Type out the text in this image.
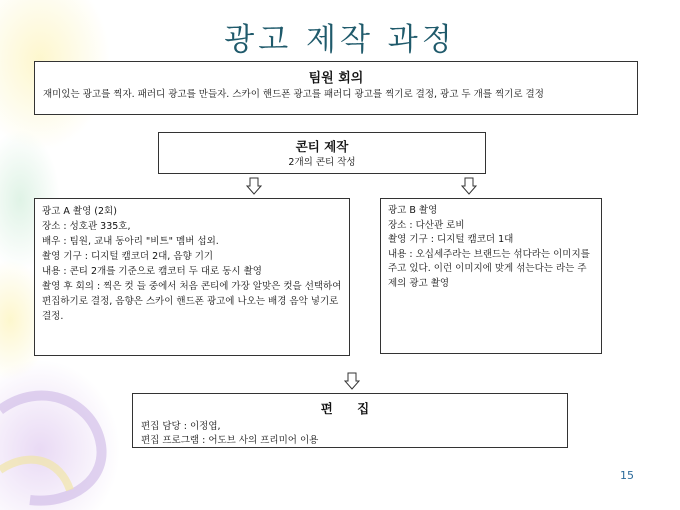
광고 제작 과정
팀원 회의
재미있는 광고를 찍자. 패러디 광고를 만들자. 스카이 핸드폰 광고를 패러디 광고를 찍기로 결정, 광고 두 개를 찍기로 결정
콘티 제작
2개의 콘티 작성
광고 A 촬영 (2회)
장소 : 성호관 335호,
배우 : 팀원, 교내 동아리 "비트" 멤버 섭외.
촬영 기구 : 디지털 캠코더 2대, 음향 기기
내용 : 콘티 2개를 기준으로 캠코터 두 대로 동시 촬영
촬영 후 회의 : 찍은 컷 들 중에서 처음 콘티에 가장 알맞은 컷을 선택하여 편집하기로 결정, 음향은 스카이 핸드폰 광고에 나오는 배경 음악 넣기로 결정.
광고 B 촬영
장소 : 다산관 로비
촬영 기구 : 디지털 캠코더 1대
내용 : 오십세주라는 브랜드는 섞다라는 이미지를 주고 있다. 이런 이미지에 맞게 섞는다는 라는 주제의 광고 촬영
편 집
편집 담당 : 이정엽,
편집 프로그램 : 어도브 사의 프리미어 이용
15
